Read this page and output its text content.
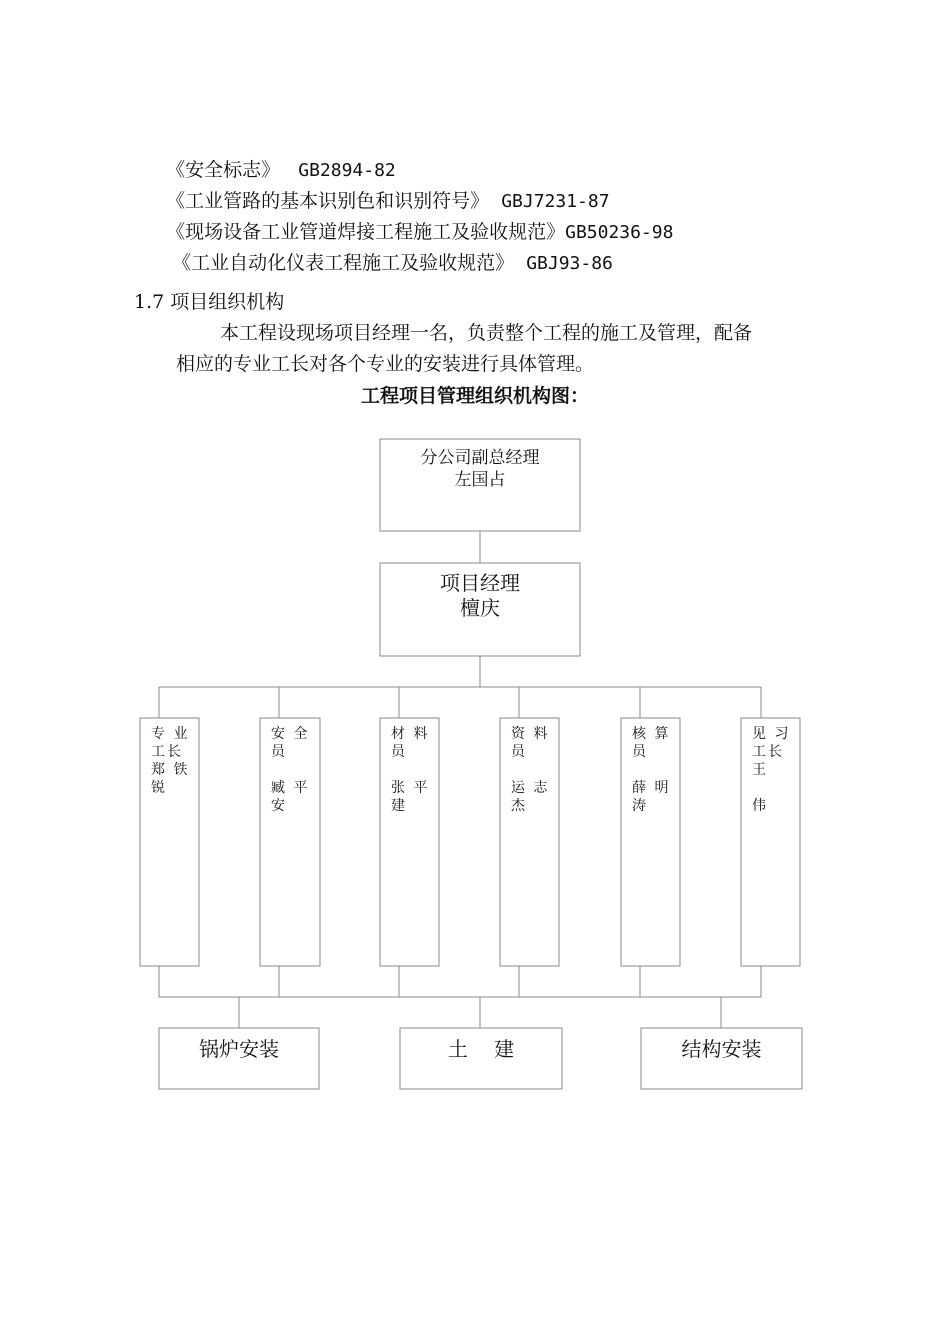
《安全标志》 GB2894-82

《工业管路的基本识别色和识别符号》 GBJ7231-87

《现场设备工业管道焊接工程施工及验收规范》GB50236-98

《工业自动化仪表工程施工及验收规范》 GBJ93-86

1.7 项目组织机构
本工程设现场项目经理一名，负责整个工程的施工及管理，配备
相应的专业工长对各个专业的安装进行具体管理。
工程项目管理组织机构图：
分公司副总经理
左国占
项目经理
檀庆
专 业
工长
郑 铁
锐
安 全
员

臧 平
安
材 料
员

张 平
建
资 料
员

运 志
杰
核 算
员

薛 明
涛
见 习
工长
王

伟
锅炉安装	土　 建	结构安装
